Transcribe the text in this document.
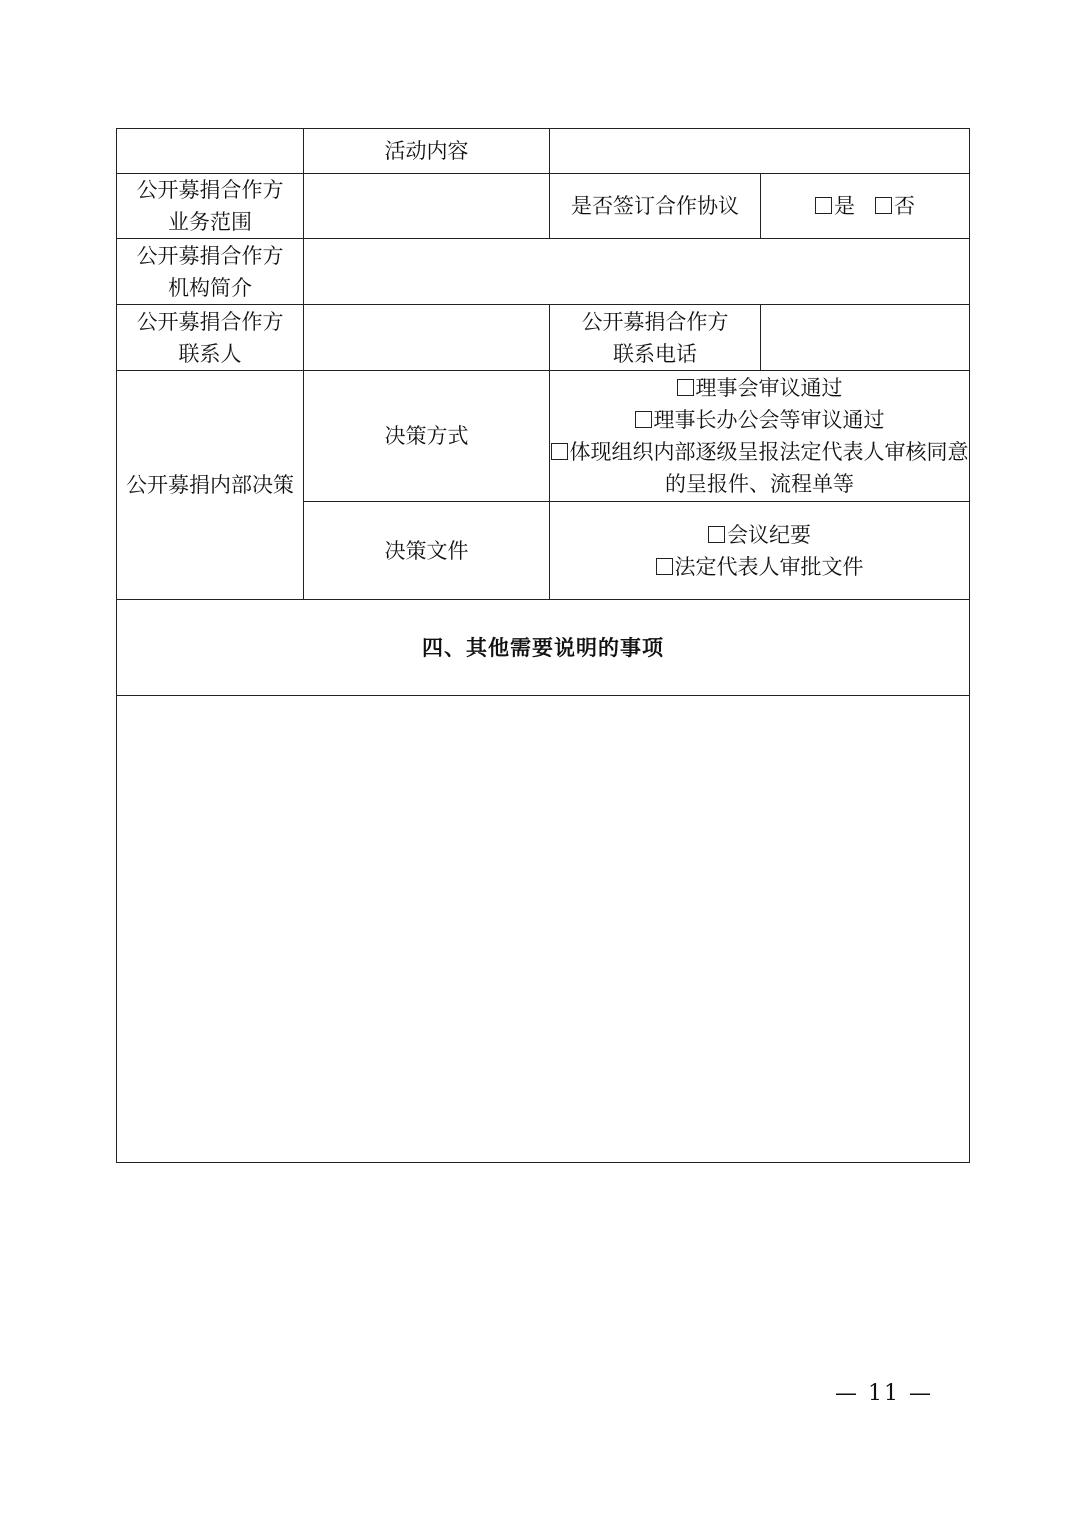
	活动内容		

公开募捐合作方
业务范围		是否签订合作协议	是 否

公开募捐合作方
机构简介			

公开募捐合作方
联系人		公开募捐合作方
联系电话	

公开募捐内部决策	决策方式	理事会审议通过
理事长办公会等审议通过
体现组织内部逐级呈报法定代表人审核同意的呈报件、流程单等	

	决策文件	会议纪要
法定代表人审批文件	

四、其他需要说明的事项			

— 11 —
